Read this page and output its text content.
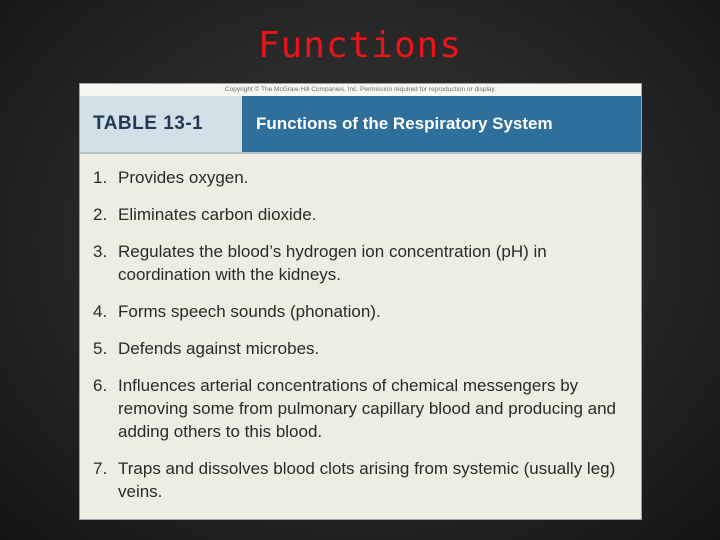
Functions
Copyright © The McGraw-Hill Companies, Inc. Permission required for reproduction or display.
TABLE 13-1	Functions of the Respiratory System
1. Provides oxygen.
2. Eliminates carbon dioxide.
3. Regulates the blood’s hydrogen ion concentration (pH) in coordination with the kidneys.
4. Forms speech sounds (phonation).
5. Defends against microbes.
6. Influences arterial concentrations of chemical messengers by removing some from pulmonary capillary blood and producing and adding others to this blood.
7. Traps and dissolves blood clots arising from systemic (usually leg) veins.
